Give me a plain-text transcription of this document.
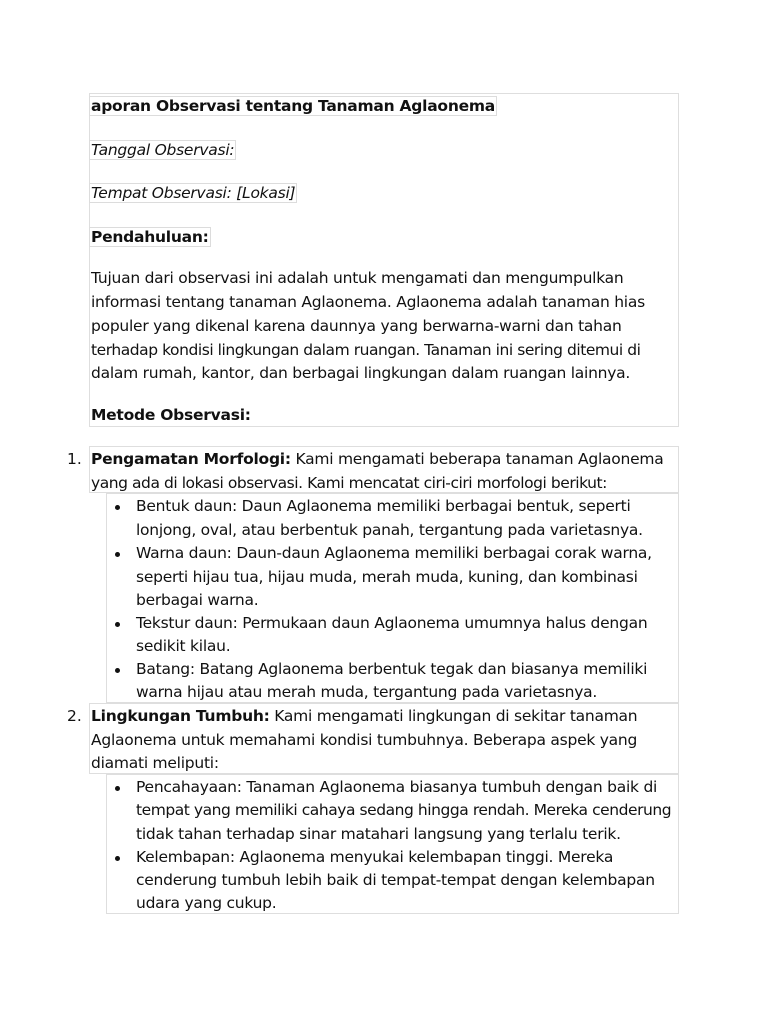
aporan Observasi tentang Tanaman Aglaonema
Tanggal Observasi:
Tempat Observasi: [Lokasi]
Pendahuluan:
Tujuan dari observasi ini adalah untuk mengamati dan mengumpulkan
informasi tentang tanaman Aglaonema. Aglaonema adalah tanaman hias
populer yang dikenal karena daunnya yang berwarna-warni dan tahan
terhadap kondisi lingkungan dalam ruangan. Tanaman ini sering ditemui di
dalam rumah, kantor, dan berbagai lingkungan dalam ruangan lainnya.
Metode Observasi:
1. Pengamatan Morfologi: Kami mengamati beberapa tanaman Aglaonema
yang ada di lokasi observasi. Kami mencatat ciri-ciri morfologi berikut:
Bentuk daun: Daun Aglaonema memiliki berbagai bentuk, seperti
lonjong, oval, atau berbentuk panah, tergantung pada varietasnya.
Warna daun: Daun-daun Aglaonema memiliki berbagai corak warna,
seperti hijau tua, hijau muda, merah muda, kuning, dan kombinasi
berbagai warna.
Tekstur daun: Permukaan daun Aglaonema umumnya halus dengan
sedikit kilau.
Batang: Batang Aglaonema berbentuk tegak dan biasanya memiliki
warna hijau atau merah muda, tergantung pada varietasnya.
2. Lingkungan Tumbuh: Kami mengamati lingkungan di sekitar tanaman
Aglaonema untuk memahami kondisi tumbuhnya. Beberapa aspek yang
diamati meliputi:
Pencahayaan: Tanaman Aglaonema biasanya tumbuh dengan baik di
tempat yang memiliki cahaya sedang hingga rendah. Mereka cenderung
tidak tahan terhadap sinar matahari langsung yang terlalu terik.
Kelembapan: Aglaonema menyukai kelembapan tinggi. Mereka
cenderung tumbuh lebih baik di tempat-tempat dengan kelembapan
udara yang cukup.
